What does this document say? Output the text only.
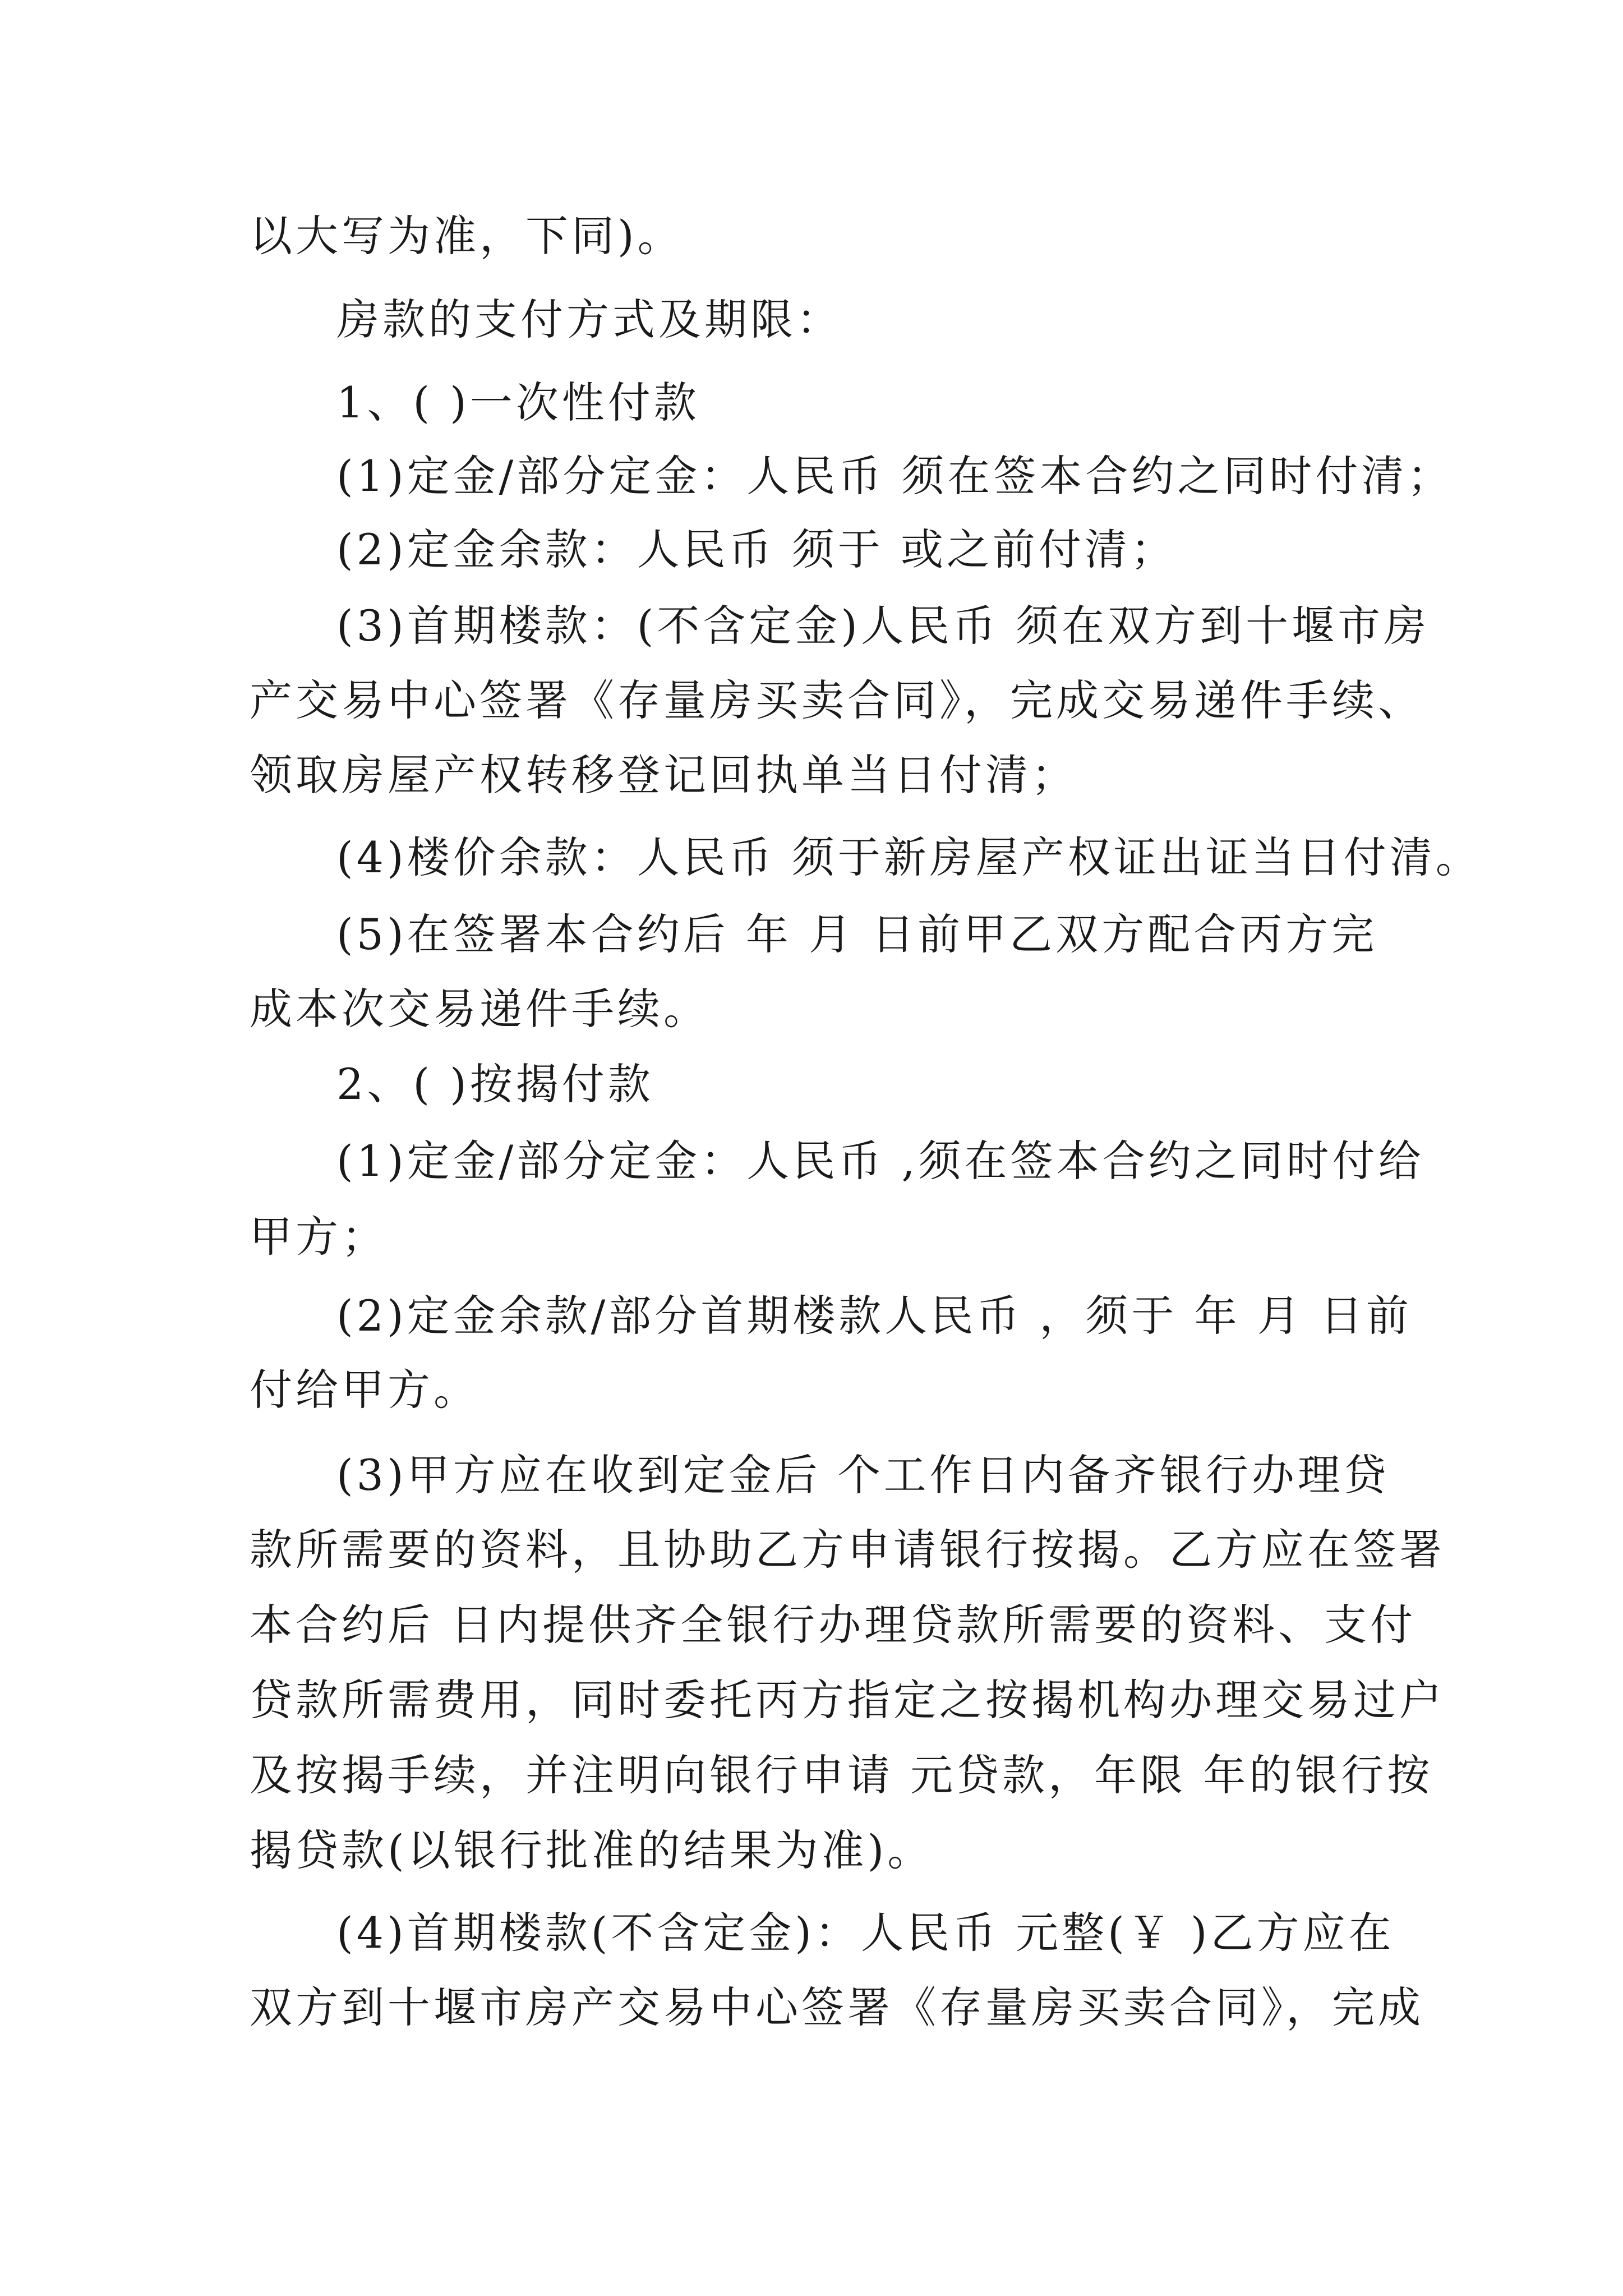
以大写为准，下同)。
房款的支付方式及期限：
1、( )一次性付款
(1)定金/部分定金：人民币 须在签本合约之同时付清；
(2)定金余款：人民币 须于 或之前付清；
(3)首期楼款：(不含定金)人民币 须在双方到十堰市房
产交易中心签署《存量房买卖合同》，完成交易递件手续、
领取房屋产权转移登记回执单当日付清；
(4)楼价余款：人民币 须于新房屋产权证出证当日付清。
(5)在签署本合约后 年 月 日前甲乙双方配合丙方完
成本次交易递件手续。
2、( )按揭付款
(1)定金/部分定金：人民币 ,须在签本合约之同时付给
甲方；
(2)定金余款/部分首期楼款人民币 ，须于 年 月 日前
付给甲方。
(3)甲方应在收到定金后 个工作日内备齐银行办理贷
款所需要的资料，且协助乙方申请银行按揭。乙方应在签署
本合约后 日内提供齐全银行办理贷款所需要的资料、支付
贷款所需费用，同时委托丙方指定之按揭机构办理交易过户
及按揭手续，并注明向银行申请 元贷款，年限 年的银行按
揭贷款(以银行批准的结果为准)。
(4)首期楼款(不含定金)：人民币 元整(￥ )乙方应在
双方到十堰市房产交易中心签署《存量房买卖合同》，完成
